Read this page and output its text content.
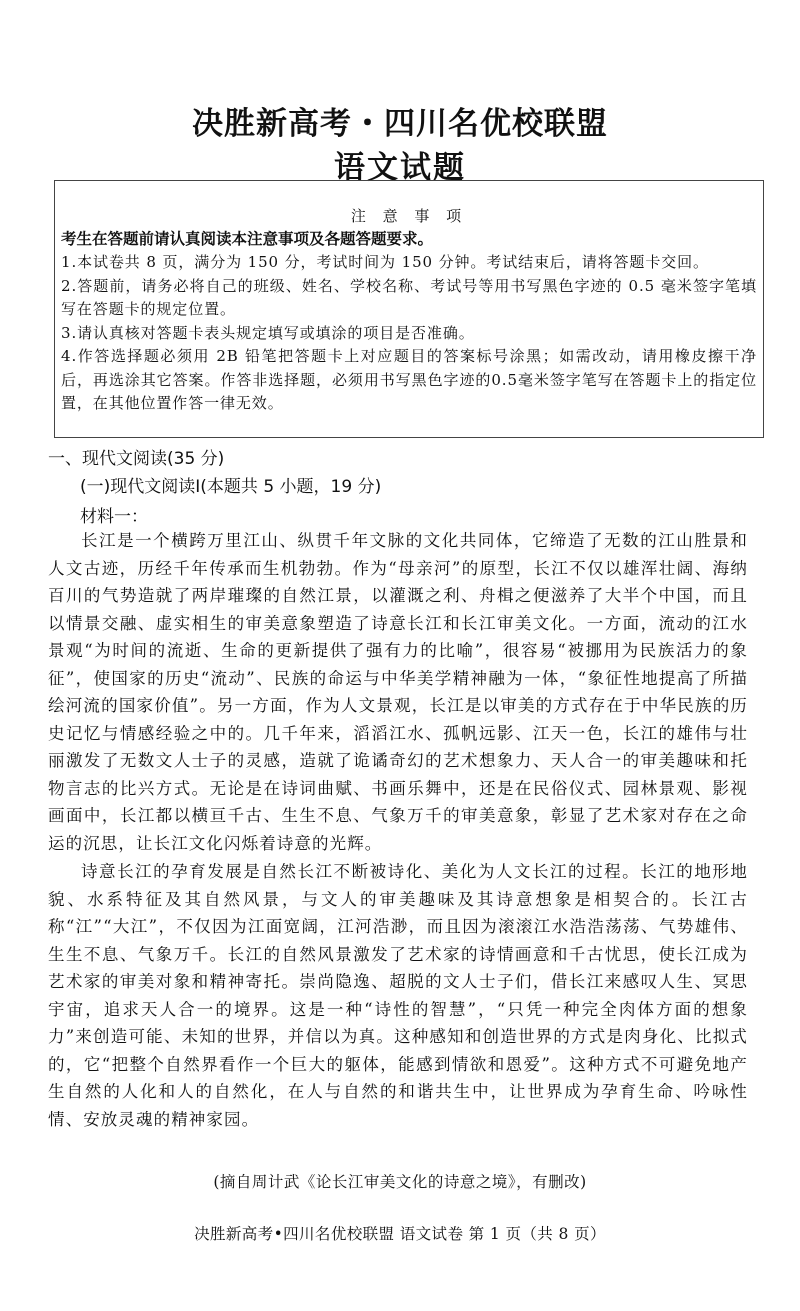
决胜新高考・四川名优校联盟
语文试题
注 意 事 项
考生在答题前请认真阅读本注意事项及各题答题要求。
1.本试卷共 8 页，满分为 150 分，考试时间为 150 分钟。考试结束后，请将答题卡交回。
2.答题前，请务必将自己的班级、姓名、学校名称、考试号等用书写黑色字迹的 0.5 毫米签字笔填写在答题卡的规定位置。
3.请认真核对答题卡表头规定填写或填涂的项目是否准确。
4.作答选择题必须用 2B 铅笔把答题卡上对应题目的答案标号涂黑；如需改动，请用橡皮擦干净后，再选涂其它答案。作答非选择题，必须用书写黑色字迹的0.5毫米签字笔写在答题卡上的指定位置，在其他位置作答一律无效。
一、现代文阅读(35 分)
(一)现代文阅读Ⅰ(本题共 5 小题，19 分)
材料一：
长江是一个横跨万里江山、纵贯千年文脉的文化共同体，它缔造了无数的江山胜景和人文古迹，历经千年传承而生机勃勃。作为“母亲河”的原型，长江不仅以雄浑壮阔、海纳百川的气势造就了两岸璀璨的自然江景，以灌溉之利、舟楫之便滋养了大半个中国，而且以情景交融、虚实相生的审美意象塑造了诗意长江和长江审美文化。一方面，流动的江水景观“为时间的流逝、生命的更新提供了强有力的比喻”，很容易“被挪用为民族活力的象征”，使国家的历史“流动”、民族的命运与中华美学精神融为一体，“象征性地提高了所描绘河流的国家价值”。另一方面，作为人文景观，长江是以审美的方式存在于中华民族的历史记忆与情感经验之中的。几千年来，滔滔江水、孤帆远影、江天一色，长江的雄伟与壮丽激发了无数文人士子的灵感，造就了诡谲奇幻的艺术想象力、天人合一的审美趣味和托物言志的比兴方式。无论是在诗词曲赋、书画乐舞中，还是在民俗仪式、园林景观、影视画面中，长江都以横亘千古、生生不息、气象万千的审美意象，彰显了艺术家对存在之命运的沉思，让长江文化闪烁着诗意的光辉。
诗意长江的孕育发展是自然长江不断被诗化、美化为人文长江的过程。长江的地形地貌、水系特征及其自然风景，与文人的审美趣味及其诗意想象是相契合的。长江古称“江”“大江”，不仅因为江面宽阔，江河浩渺，而且因为滚滚江水浩浩荡荡、气势雄伟、生生不息、气象万千。长江的自然风景激发了艺术家的诗情画意和千古忧思，使长江成为艺术家的审美对象和精神寄托。崇尚隐逸、超脱的文人士子们，借长江来感叹人生、冥思宇宙，追求天人合一的境界。这是一种“诗性的智慧”，“只凭一种完全肉体方面的想象力”来创造可能、未知的世界，并信以为真。这种感知和创造世界的方式是肉身化、比拟式的，它“把整个自然界看作一个巨大的躯体，能感到情欲和恩爱”。这种方式不可避免地产生自然的人化和人的自然化，在人与自然的和谐共生中，让世界成为孕育生命、吟咏性情、安放灵魂的精神家园。
(摘自周计武《论长江审美文化的诗意之境》，有删改)
决胜新高考•四川名优校联盟 语文试卷 第 1 页（共 8 页）
